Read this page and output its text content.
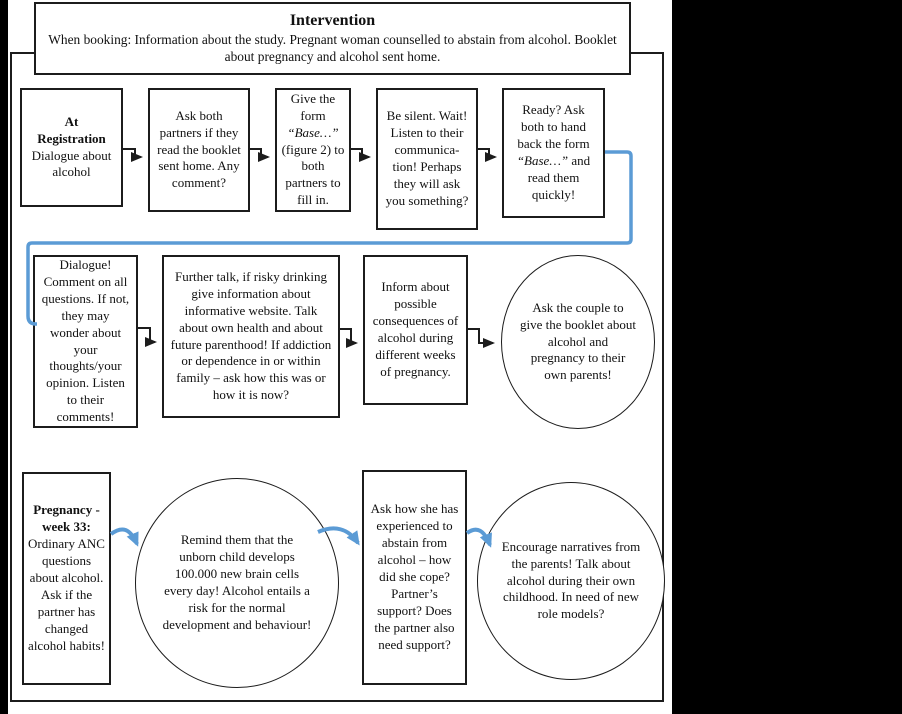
Intervention
When booking: Information about the study. Pregnant woman counselled to abstain from alcohol. Booklet about pregnancy and alcohol sent home.
At Registration
Dialogue about alcohol
Ask both partners if they read the booklet sent home. Any comment?
Give the form “Base…” (figure 2) to both partners to fill in.
Be silent. Wait! Listen to their communica-tion! Perhaps they will ask you something?
Ready? Ask both to hand back the form “Base…” and read them quickly!
Dialogue! Comment on all questions. If not, they may wonder about your thoughts/your opinion. Listen to their comments!
Further talk, if risky drinking give information about informative website. Talk about own health and about future parenthood! If addiction or dependence in or within family – ask how this was or how it is now?
Inform about possible consequences of alcohol during different weeks of pregnancy.
Ask the couple to give the booklet about alcohol and pregnancy to their own parents!
Pregnancy -week 33:
Ordinary ANC questions about alcohol. Ask if the partner has changed alcohol habits!
Remind them that the unborn child develops 100.000 new brain cells every day! Alcohol entails a risk for the normal development and behaviour!
Ask how she has experienced to abstain from alcohol – how did she cope? Partner’s support? Does the partner also need support?
Encourage narratives from the parents! Talk about alcohol during their own childhood. In need of new role models?
